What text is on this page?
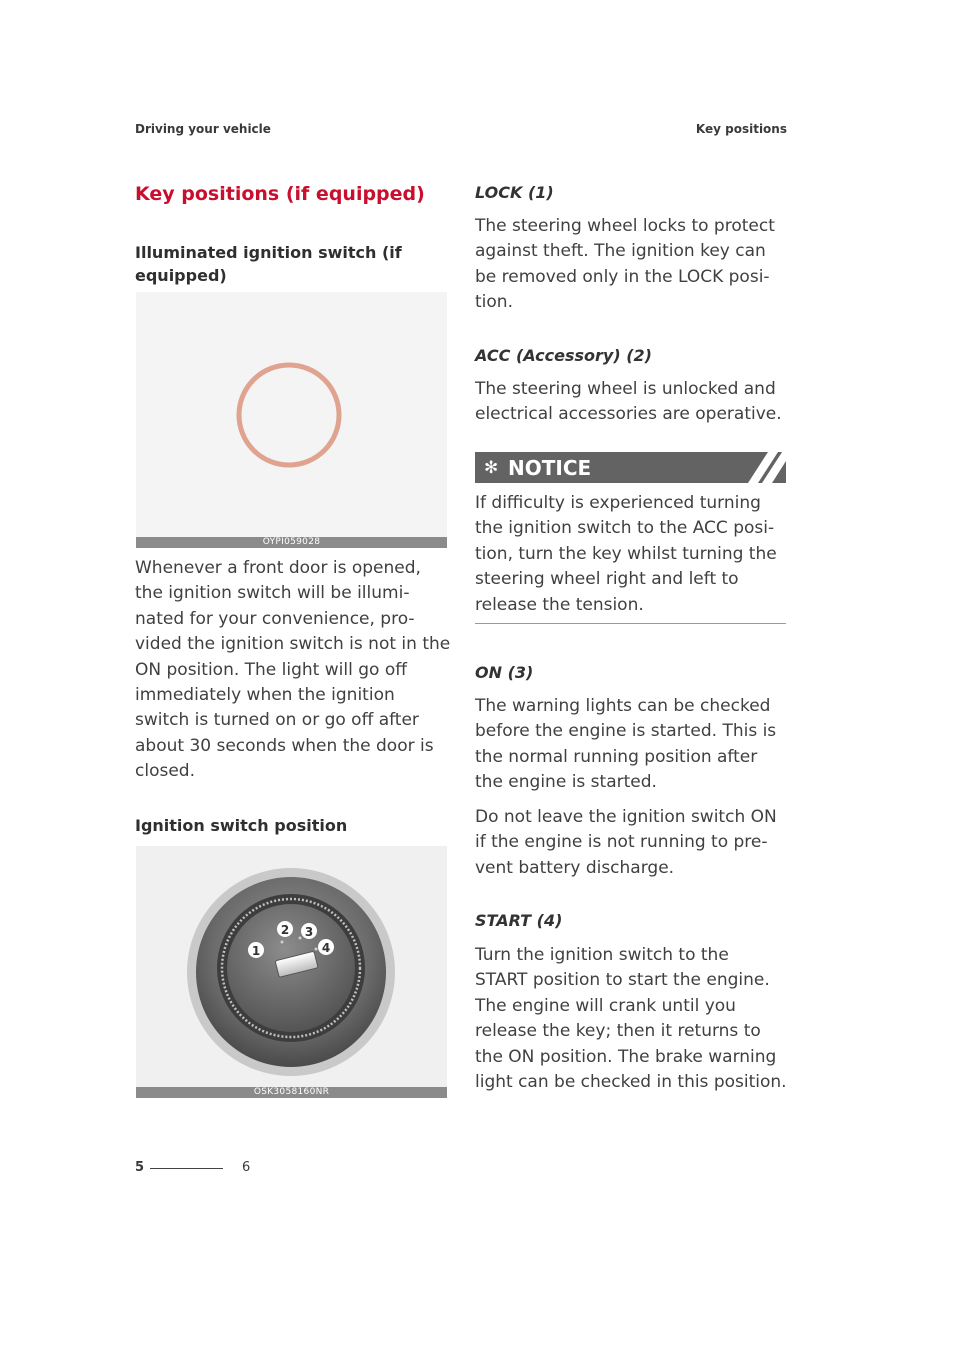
Driving your vehicle	Key positions
Key positions (if equipped)
Illuminated ignition switch (if
equipped)
OYPI059028
Whenever a front door is opened,
the ignition switch will be illumi-
nated for your convenience, pro-
vided the ignition switch is not in the
ON position. The light will go off
immediately when the ignition
switch is turned on or go off after
about 30 seconds when the door is
closed.
Ignition switch position
1
2 3
4
OSK3058160NR
LOCK (1)
The steering wheel locks to protect
against theft. The ignition key can
be removed only in the LOCK posi-
tion.
ACC (Accessory) (2)
The steering wheel is unlocked and
electrical accessories are operative.
✻ NOTICE
If difficulty is experienced turning
the ignition switch to the ACC posi-
tion, turn the key whilst turning the
steering wheel right and left to
release the tension.
ON (3)
The warning lights can be checked
before the engine is started. This is
the normal running position after
the engine is started.
Do not leave the ignition switch ON
if the engine is not running to pre-
vent battery discharge.
START (4)
Turn the ignition switch to the
START position to start the engine.
The engine will crank until you
release the key; then it returns to
the ON position. The brake warning
light can be checked in this position.
5	6
